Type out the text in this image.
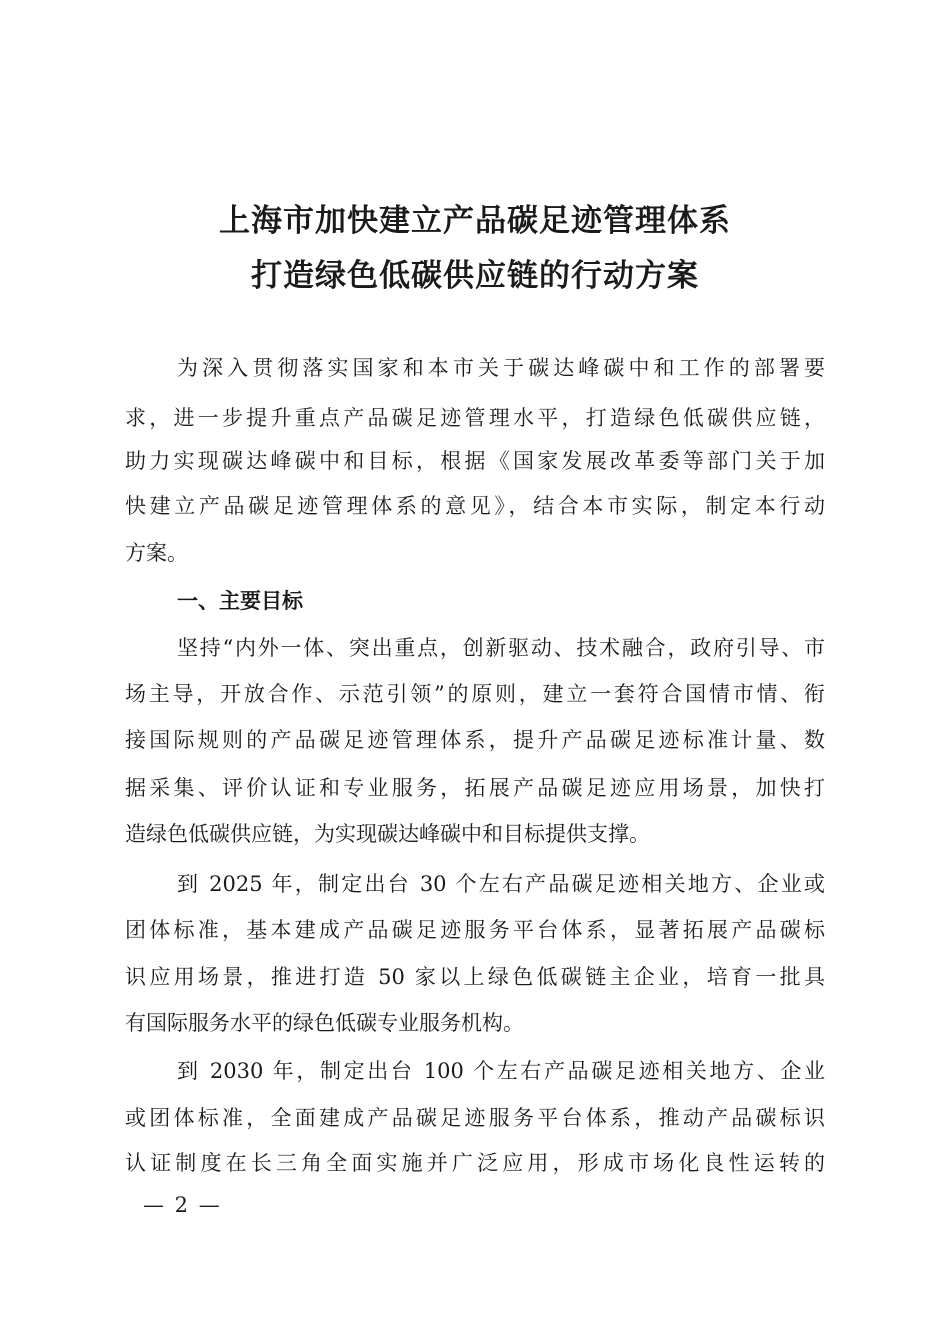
上海市加快建立产品碳足迹管理体系
打造绿色低碳供应链的行动方案

为深入贯彻落实国家和本市关于碳达峰碳中和工作的部署要

求，进一步提升重点产品碳足迹管理水平，打造绿色低碳供应链，

助力实现碳达峰碳中和目标，根据《国家发展改革委等部门关于加

快建立产品碳足迹管理体系的意见》，结合本市实际，制定本行动

方案。

一、主要目标

坚持“内外一体、突出重点，创新驱动、技术融合，政府引导、市

场主导，开放合作、示范引领”的原则，建立一套符合国情市情、衔

接国际规则的产品碳足迹管理体系，提升产品碳足迹标准计量、数

据采集、评价认证和专业服务，拓展产品碳足迹应用场景，加快打

造绿色低碳供应链，为实现碳达峰碳中和目标提供支撑。

到 2025 年，制定出台 30 个左右产品碳足迹相关地方、企业或

团体标准，基本建成产品碳足迹服务平台体系，显著拓展产品碳标

识应用场景，推进打造 50 家以上绿色低碳链主企业，培育一批具

有国际服务水平的绿色低碳专业服务机构。

到 2030 年，制定出台 100 个左右产品碳足迹相关地方、企业

或团体标准，全面建成产品碳足迹服务平台体系，推动产品碳标识

认证制度在长三角全面实施并广泛应用，形成市场化良性运转的

— 2 —
